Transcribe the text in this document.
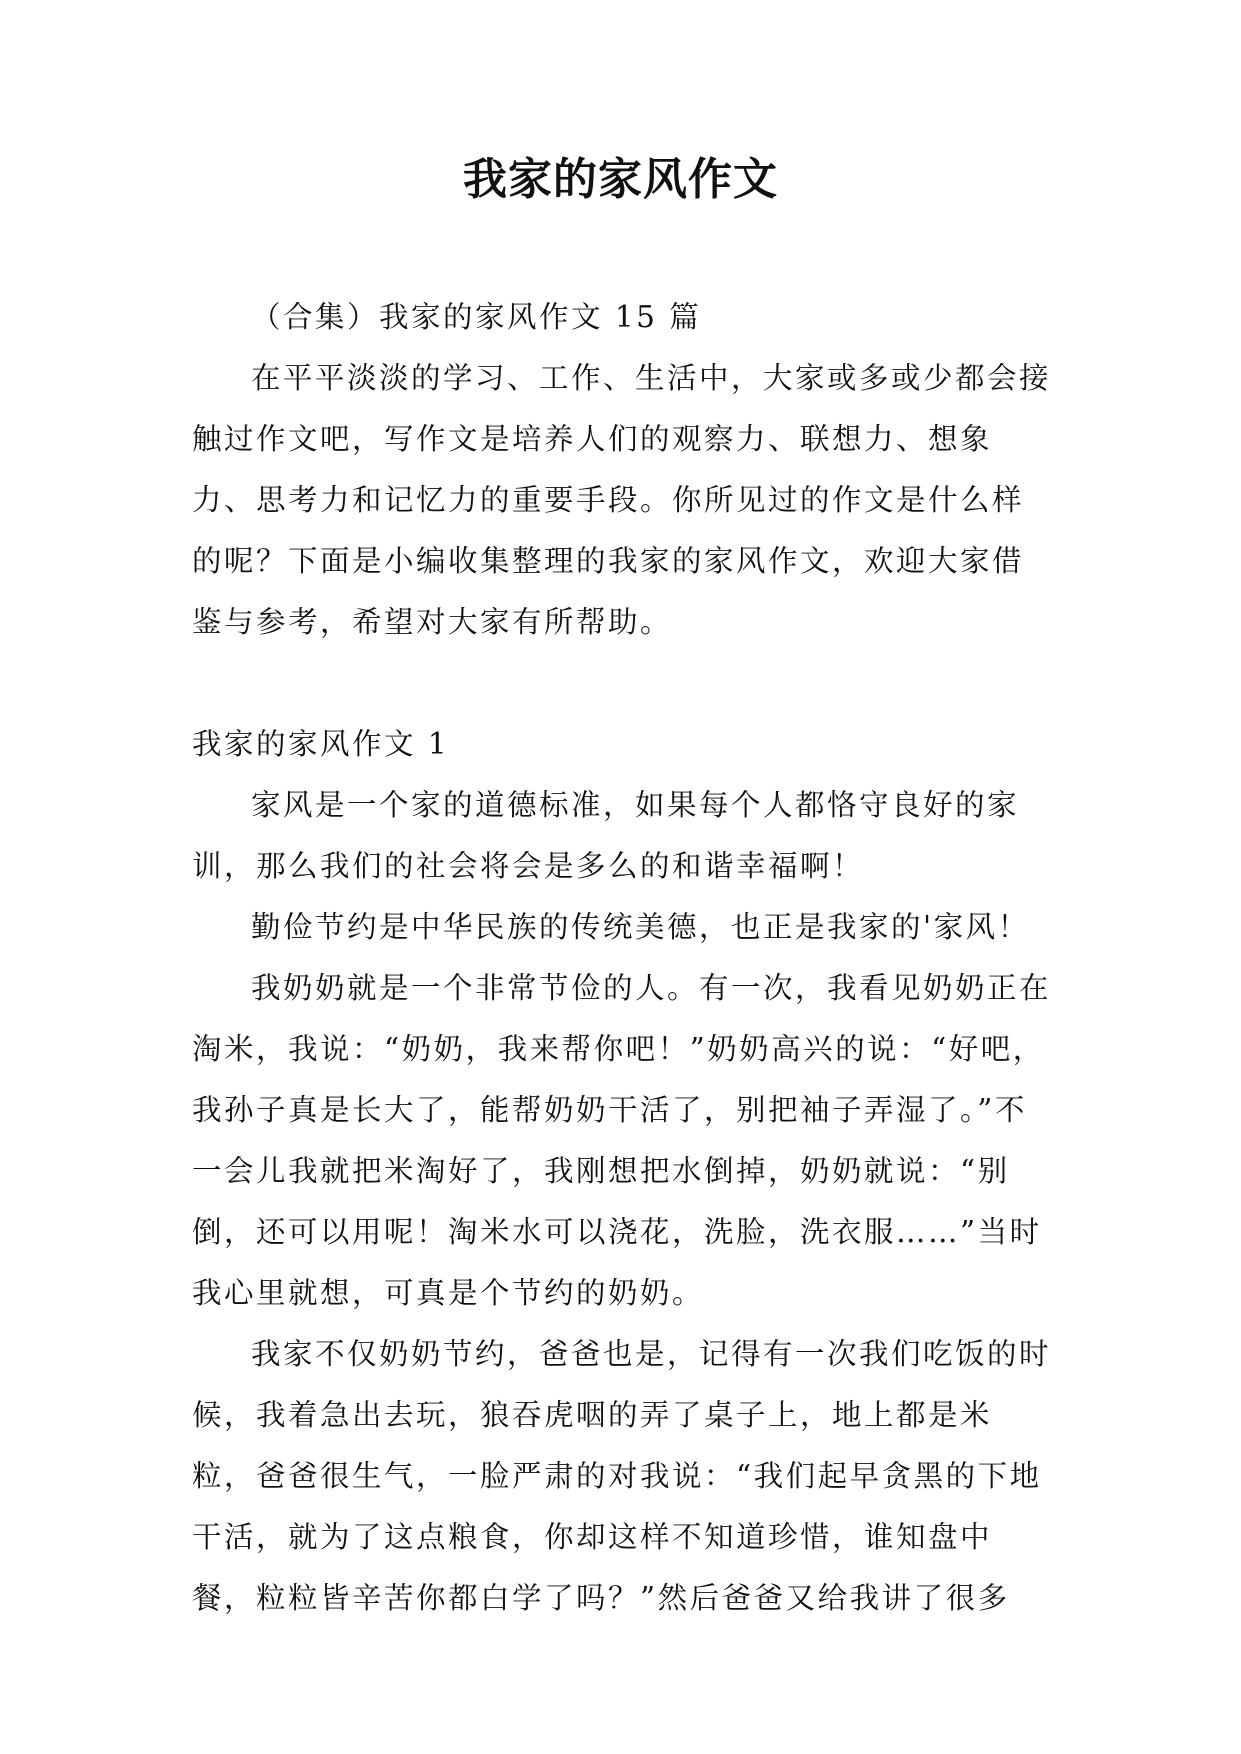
我家的家风作文

（合集）我家的家风作文 15 篇

在平平淡淡的学习、工作、生活中，大家或多或少都会接触过作文吧，写作文是培养人们的观察力、联想力、想象力、思考力和记忆力的重要手段。你所见过的作文是什么样的呢？下面是小编收集整理的我家的家风作文，欢迎大家借鉴与参考，希望对大家有所帮助。

我家的家风作文 1

家风是一个家的道德标准，如果每个人都恪守良好的家训，那么我们的社会将会是多么的和谐幸福啊！

勤俭节约是中华民族的传统美德，也正是我家的'家风！

我奶奶就是一个非常节俭的人。有一次，我看见奶奶正在淘米，我说：“奶奶，我来帮你吧！”奶奶高兴的说：“好吧，我孙子真是长大了，能帮奶奶干活了，别把袖子弄湿了。”不一会儿我就把米淘好了，我刚想把水倒掉，奶奶就说：“别倒，还可以用呢！淘米水可以浇花，洗脸，洗衣服……”当时我心里就想，可真是个节约的奶奶。

我家不仅奶奶节约，爸爸也是，记得有一次我们吃饭的时候，我着急出去玩，狼吞虎咽的弄了桌子上，地上都是米粒，爸爸很生气，一脸严肃的对我说：“我们起早贪黑的下地干活，就为了这点粮食，你却这样不知道珍惜，谁知盘中餐，粒粒皆辛苦你都白学了吗？”然后爸爸又给我讲了很多
